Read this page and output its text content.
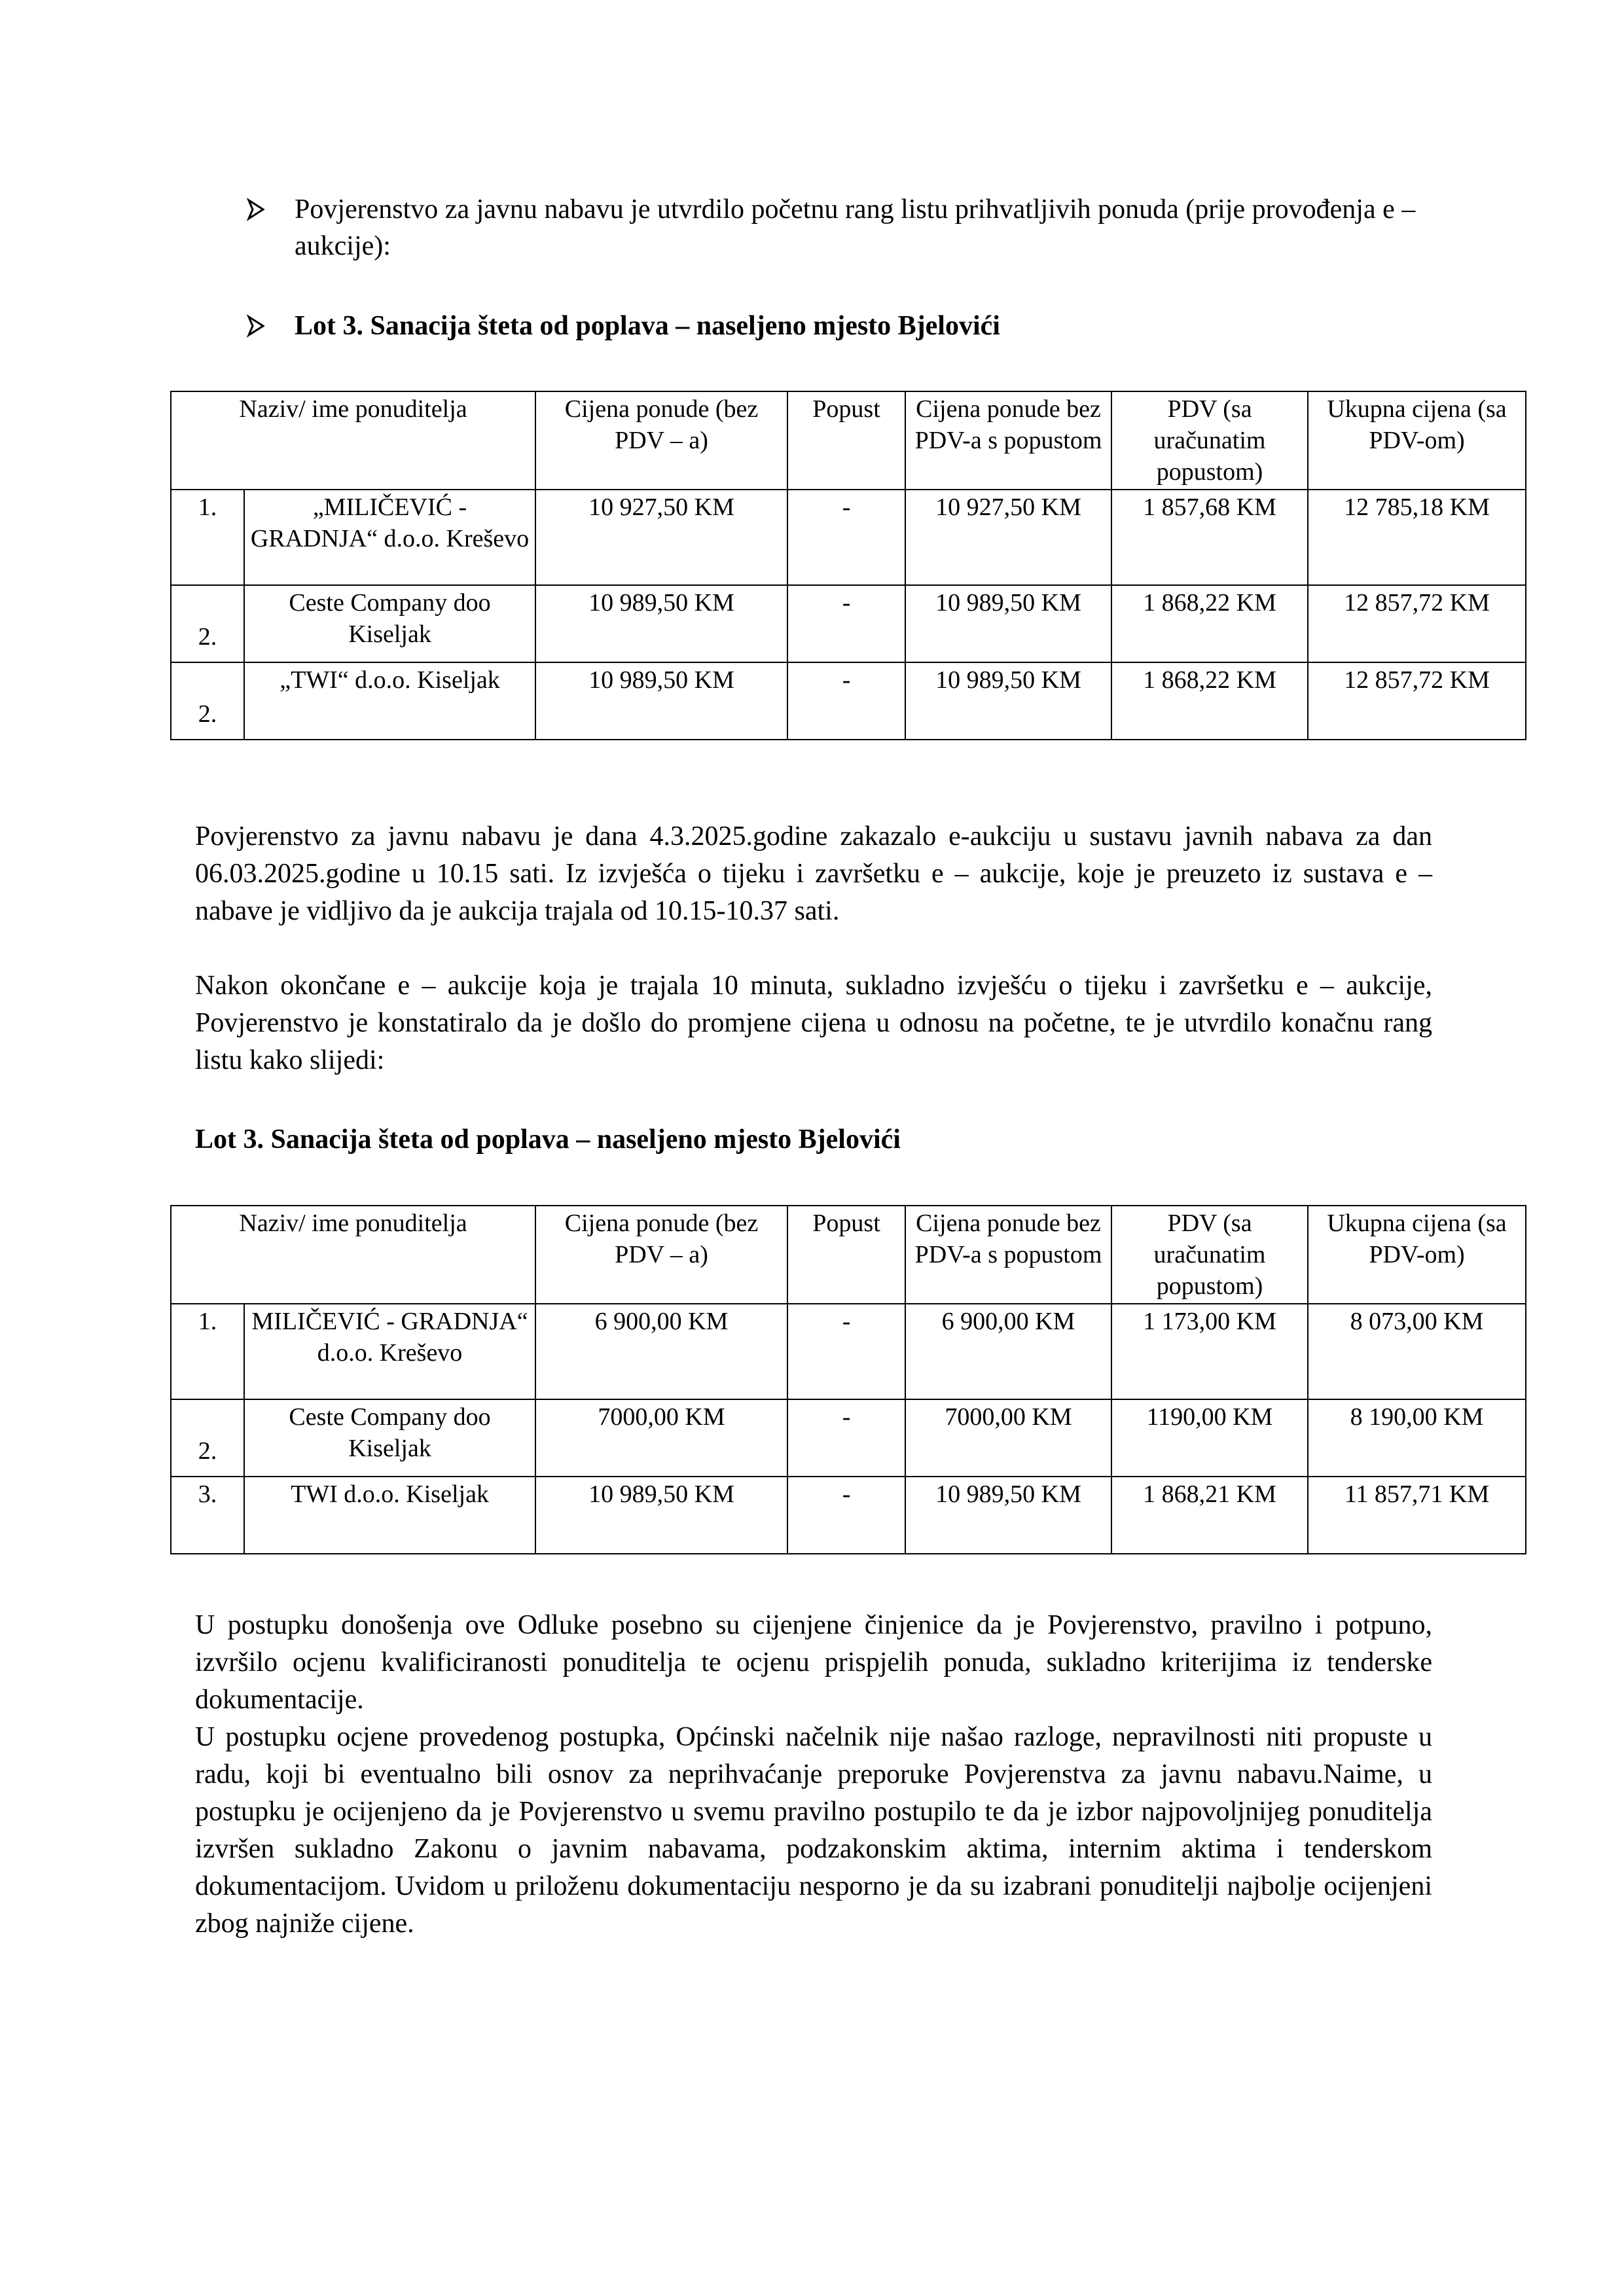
Povjerenstvo za javnu nabavu je utvrdilo početnu rang listu prihvatljivih ponuda (prije provođenja e – aukcije):
Lot 3. Sanacija šteta od poplava – naseljeno mjesto Bjelovići
Naziv/ ime ponuditelja		Cijena ponude (bez PDV – a)	Popust	Cijena ponude bez PDV-a s popustom	PDV (sa uračunatim popustom)	Ukupna cijena (sa PDV-om)
1.	„MILIČEVIĆ - GRADNJA“ d.o.o. Kreševo	10 927,50 KM	-	10 927,50 KM	1 857,68 KM	12 785,18 KM
2.	Ceste Company doo Kiseljak	10 989,50 KM	-	10 989,50 KM	1 868,22 KM	12 857,72 KM
2.	„TWI“ d.o.o. Kiseljak	10 989,50 KM	-	10 989,50 KM	1 868,22 KM	12 857,72 KM
Povjerenstvo za javnu nabavu je dana 4.3.2025.godine zakazalo e-aukciju u sustavu javnih nabava za dan 06.03.2025.godine u 10.15 sati. Iz izvješća o tijeku i završetku e – aukcije, koje je preuzeto iz sustava e – nabave je vidljivo da je aukcija trajala od 10.15-10.37 sati.
Nakon okončane e – aukcije koja je trajala 10 minuta, sukladno izvješću o tijeku i završetku e – aukcije, Povjerenstvo je konstatiralo da je došlo do promjene cijena u odnosu na početne, te je utvrdilo konačnu rang listu kako slijedi:
Lot 3. Sanacija šteta od poplava – naseljeno mjesto Bjelovići
Naziv/ ime ponuditelja		Cijena ponude (bez PDV – a)	Popust	Cijena ponude bez PDV-a s popustom	PDV (sa uračunatim popustom)	Ukupna cijena (sa PDV-om)
1.	MILIČEVIĆ - GRADNJA“ d.o.o. Kreševo	6 900,00 KM	-	6 900,00 KM	1 173,00 KM	8 073,00 KM
2.	Ceste Company doo Kiseljak	7000,00 KM	-	7000,00 KM	1190,00 KM	8 190,00 KM
3.	TWI d.o.o. Kiseljak	10 989,50 KM	-	10 989,50 KM	1 868,21 KM	11 857,71 KM
U postupku donošenja ove Odluke posebno su cijenjene činjenice da je Povjerenstvo, pravilno i potpuno, izvršilo ocjenu kvalificiranosti ponuditelja te ocjenu prispjelih ponuda, sukladno kriterijima iz tenderske dokumentacije.
U postupku ocjene provedenog postupka, Općinski načelnik nije našao razloge, nepravilnosti niti propuste u radu, koji bi eventualno bili osnov za neprihvaćanje preporuke Povjerenstva za javnu nabavu.Naime, u postupku je ocijenjeno da je Povjerenstvo u svemu pravilno postupilo te da je izbor najpovoljnijeg ponuditelja izvršen sukladno Zakonu o javnim nabavama, podzakonskim aktima, internim aktima i tenderskom dokumentacijom. Uvidom u priloženu dokumentaciju nesporno je da su izabrani ponuditelji najbolje ocijenjeni zbog najniže cijene.
